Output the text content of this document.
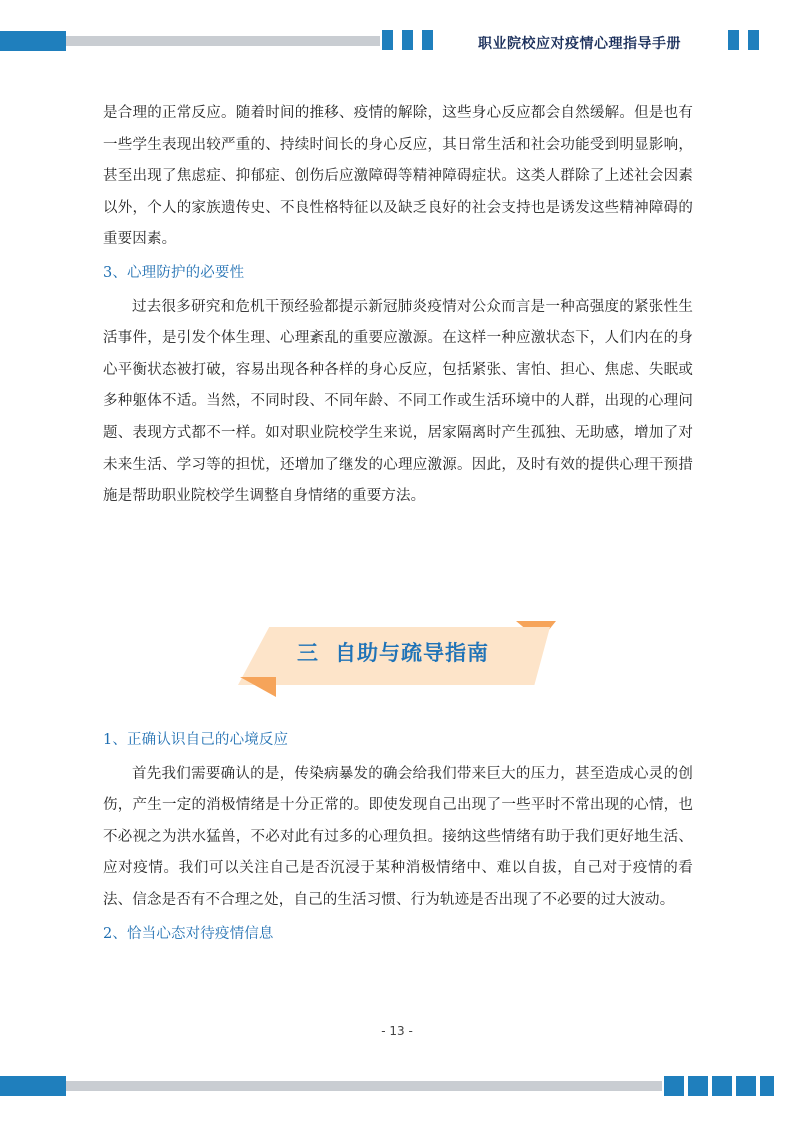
职业院校应对疫情心理指导手册

是合理的正常反应。随着时间的推移、疫情的解除，这些身心反应都会自然缓解。但是也有一些学生表现出较严重的、持续时间长的身心反应，其日常生活和社会功能受到明显影响，甚至出现了焦虑症、抑郁症、创伤后应激障碍等精神障碍症状。这类人群除了上述社会因素以外，个人的家族遗传史、不良性格特征以及缺乏良好的社会支持也是诱发这些精神障碍的重要因素。

3、心理防护的必要性

过去很多研究和危机干预经验都提示新冠肺炎疫情对公众而言是一种高强度的紧张性生活事件，是引发个体生理、心理紊乱的重要应激源。在这样一种应激状态下，人们内在的身心平衡状态被打破，容易出现各种各样的身心反应，包括紧张、害怕、担心、焦虑、失眠或多种躯体不适。当然，不同时段、不同年龄、不同工作或生活环境中的人群，出现的心理问题、表现方式都不一样。如对职业院校学生来说，居家隔离时产生孤独、无助感，增加了对未来生活、学习等的担忧，还增加了继发的心理应激源。因此，及时有效的提供心理干预措施是帮助职业院校学生调整自身情绪的重要方法。

三 自助与疏导指南

1、正确认识自己的心境反应

首先我们需要确认的是，传染病暴发的确会给我们带来巨大的压力，甚至造成心灵的创伤，产生一定的消极情绪是十分正常的。即使发现自己出现了一些平时不常出现的心情，也不必视之为洪水猛兽，不必对此有过多的心理负担。接纳这些情绪有助于我们更好地生活、应对疫情。我们可以关注自己是否沉浸于某种消极情绪中、难以自拔，自己对于疫情的看法、信念是否有不合理之处，自己的生活习惯、行为轨迹是否出现了不必要的过大波动。

2、恰当心态对待疫情信息

- 13 -
